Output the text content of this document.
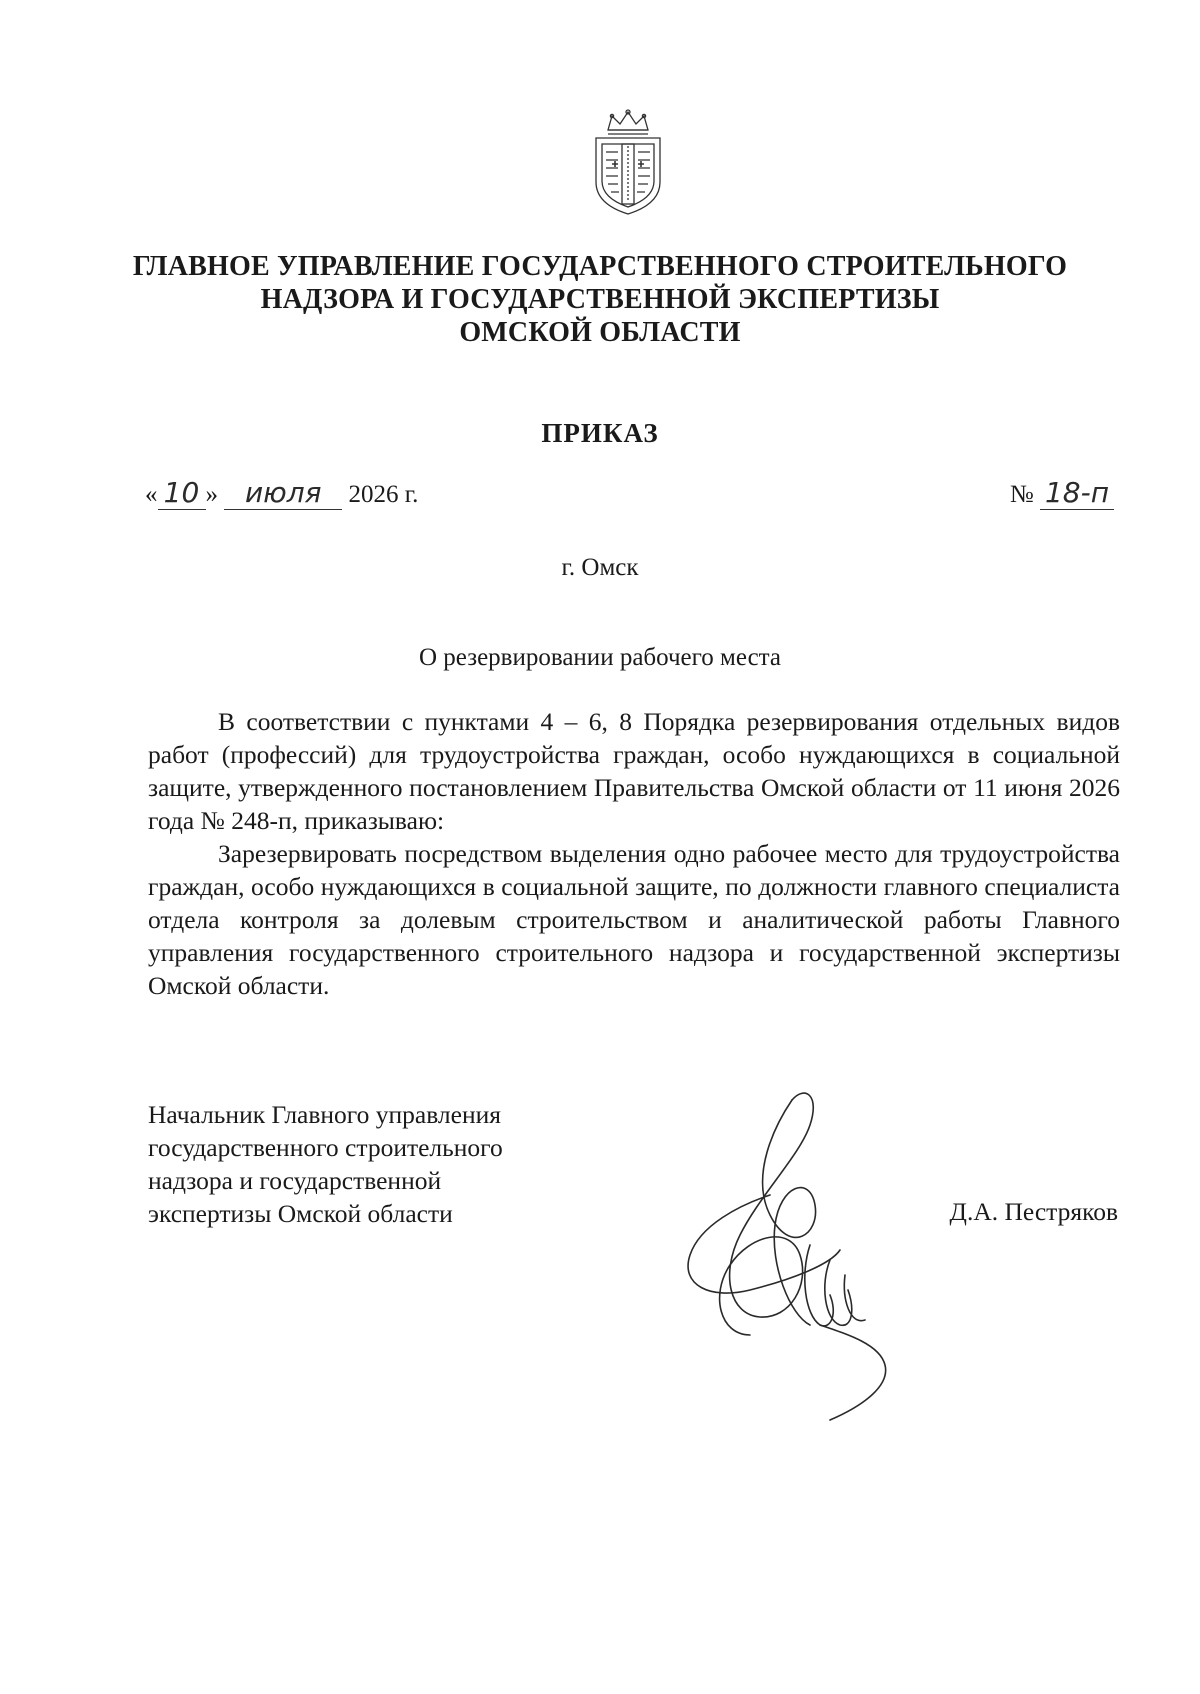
ГЛАВНОЕ УПРАВЛЕНИЕ ГОСУДАРСТВЕННОГО СТРОИТЕЛЬНОГО
НАДЗОРА И ГОСУДАРСТВЕННОЙ ЭКСПЕРТИЗЫ
ОМСКОЙ ОБЛАСТИ
ПРИКАЗ
« 10 » июля 2026 г.	№ 18-п
г. Омск
О резервировании рабочего места

В соответствии с пунктами 4 – 6, 8 Порядка резервирования отдельных видов работ (профессий) для трудоустройства граждан, особо нуждающихся в социальной защите, утвержденного постановлением Правительства Омской области от 11 июня 2026 года № 248-п, приказываю:

Зарезервировать посредством выделения одно рабочее место для трудоустройства граждан, особо нуждающихся в социальной защите, по должности главного специалиста отдела контроля за долевым строительством и аналитической работы Главного управления государственного строительного надзора и государственной экспертизы Омской области.

Начальник Главного управления
государственного строительного
надзора и государственной
экспертизы Омской области	Д.А. Пестряков
